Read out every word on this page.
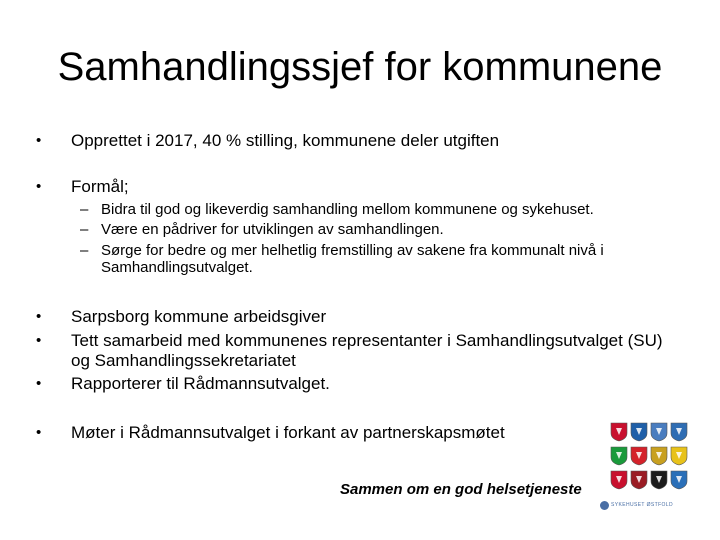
Samhandlingssjef for kommunene
• Opprettet i 2017, 40 % stilling, kommunene deler utgiften
• Formål;
– Bidra til god og likeverdig samhandling mellom kommunene og sykehuset.
– Være en pådriver for utviklingen av samhandlingen.
– Sørge for bedre og mer helhetlig fremstilling av sakene fra kommunalt nivå i Samhandlingsutvalget.
• Sarpsborg kommune arbeidsgiver
• Tett samarbeid med kommunenes representanter i Samhandlingsutvalget (SU) og Samhandlingssekretariatet
• Rapporterer til Rådmannsutvalget.
• Møter i Rådmannsutvalget i forkant av partnerskapsmøtet
Sammen om en god helsetjeneste
SYKEHUSET ØSTFOLD
